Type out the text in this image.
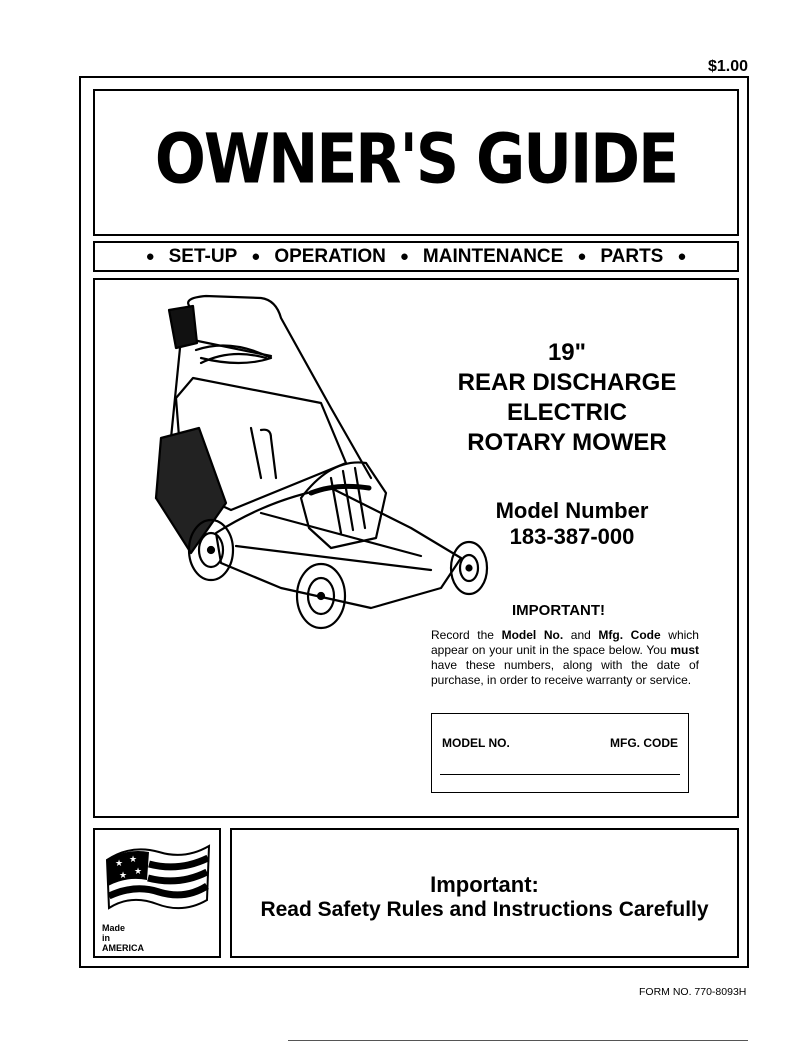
$1.00
OWNER'S GUIDE
● SET-UP ● OPERATION ● MAINTENANCE ● PARTS ●
19"
REAR DISCHARGE
ELECTRIC
ROTARY MOWER
Model Number
183-387-000
IMPORTANT!
Record the Model No. and Mfg. Code which appear on your unit in the space below. You must have these numbers, along with the date of purchase, in order to receive warranty or service.
MODEL NO.	MFG. CODE
★ ★
★ ★
Made
in
AMERICA
Important:
Read Safety Rules and Instructions Carefully
FORM NO. 770-8093H
